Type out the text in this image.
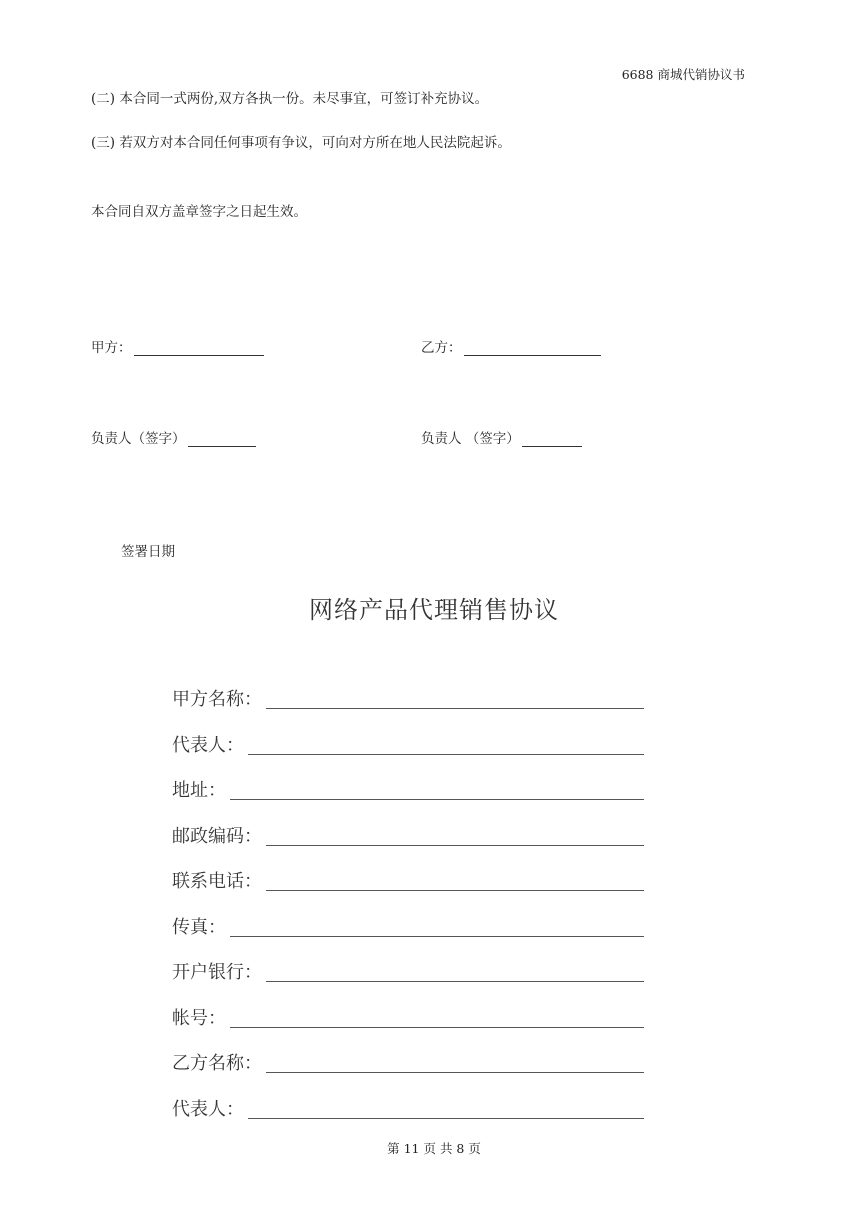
6688 商城代销协议书
(二) 本合同一式两份,双方各执一份。未尽事宜，可签订补充协议。
(三) 若双方对本合同任何事项有争议，可向对方所在地人民法院起诉。
本合同自双方盖章签字之日起生效。
甲方：	乙方：
负责人（签字）	负责人 （签字）
签署日期
网络产品代理销售协议
甲方名称：
代表人：
地址：
邮政编码：
联系电话：
传真：
开户银行：
帐号：
乙方名称：
代表人：
第 11 页 共 8 页
